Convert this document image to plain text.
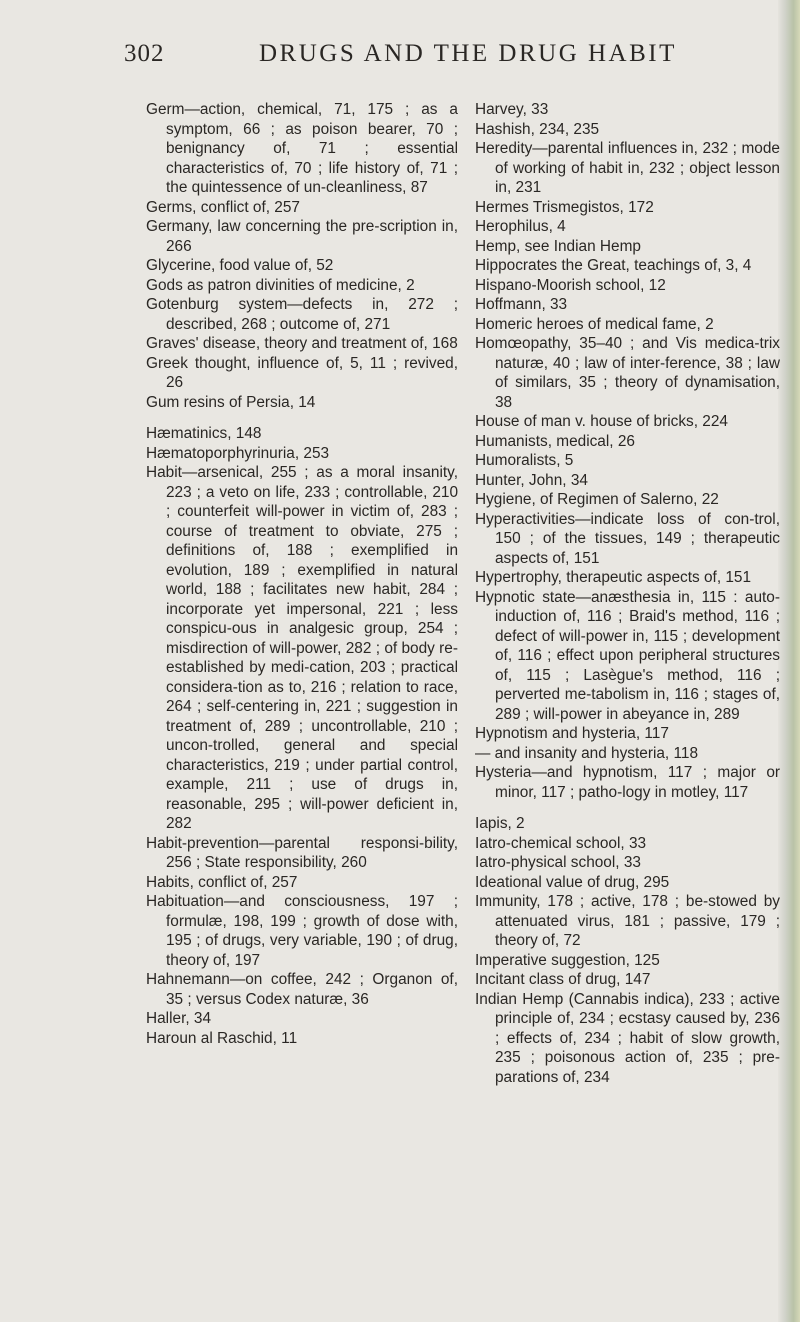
302	DRUGS AND THE DRUG HABIT
Germ—action, chemical, 71, 175 ; as a symptom, 66 ; as poison bearer, 70 ; benignancy of, 71 ; essential characteristics of, 70 ; life history of, 71 ; the quintessence of un-cleanliness, 87
Germs, conflict of, 257
Germany, law concerning the pre-scription in, 266
Glycerine, food value of, 52
Gods as patron divinities of medicine, 2
Gotenburg system—defects in, 272 ; described, 268 ; outcome of, 271
Graves' disease, theory and treatment of, 168
Greek thought, influence of, 5, 11 ; revived, 26
Gum resins of Persia, 14
Hæmatinics, 148
Hæmatoporphyrinuria, 253
Habit—arsenical, 255 ; as a moral insanity, 223 ; a veto on life, 233 ; controllable, 210 ; counterfeit will-power in victim of, 283 ; course of treatment to obviate, 275 ; definitions of, 188 ; exemplified in evolution, 189 ; exemplified in natural world, 188 ; facilitates new habit, 284 ; incorporate yet impersonal, 221 ; less conspicu-ous in analgesic group, 254 ; misdirection of will-power, 282 ; of body re-established by medi-cation, 203 ; practical considera-tion as to, 216 ; relation to race, 264 ; self-centering in, 221 ; suggestion in treatment of, 289 ; uncontrollable, 210 ; uncon-trolled, general and special characteristics, 219 ; under partial control, example, 211 ; use of drugs in, reasonable, 295 ; will-power deficient in, 282
Habit-prevention—parental responsi-bility, 256 ; State responsibility, 260
Habits, conflict of, 257
Habituation—and consciousness, 197 ; formulæ, 198, 199 ; growth of dose with, 195 ; of drugs, very variable, 190 ; of drug, theory of, 197
Hahnemann—on coffee, 242 ; Organon of, 35 ; versus Codex naturæ, 36
Haller, 34
Haroun al Raschid, 11
Harvey, 33
Hashish, 234, 235
Heredity—parental influences in, 232 ; mode of working of habit in, 232 ; object lesson in, 231
Hermes Trismegistos, 172
Herophilus, 4
Hemp, see Indian Hemp
Hippocrates the Great, teachings of, 3, 4
Hispano-Moorish school, 12
Hoffmann, 33
Homeric heroes of medical fame, 2
Homœopathy, 35–40 ; and Vis medica-trix naturæ, 40 ; law of inter-ference, 38 ; law of similars, 35 ; theory of dynamisation, 38
House of man v. house of bricks, 224
Humanists, medical, 26
Humoralists, 5
Hunter, John, 34
Hygiene, of Regimen of Salerno, 22
Hyperactivities—indicate loss of con-trol, 150 ; of the tissues, 149 ; therapeutic aspects of, 151
Hypertrophy, therapeutic aspects of, 151
Hypnotic state—anæsthesia in, 115 : auto-induction of, 116 ; Braid's method, 116 ; defect of will-power in, 115 ; development of, 116 ; effect upon peripheral structures of, 115 ; Lasègue's method, 116 ; perverted me-tabolism in, 116 ; stages of, 289 ; will-power in abeyance in, 289
Hypnotism and hysteria, 117
— and insanity and hysteria, 118
Hysteria—and hypnotism, 117 ; major or minor, 117 ; patho-logy in motley, 117
Iapis, 2
Iatro-chemical school, 33
Iatro-physical school, 33
Ideational value of drug, 295
Immunity, 178 ; active, 178 ; be-stowed by attenuated virus, 181 ; passive, 179 ; theory of, 72
Imperative suggestion, 125
Incitant class of drug, 147
Indian Hemp (Cannabis indica), 233 ; active principle of, 234 ; ecstasy caused by, 236 ; effects of, 234 ; habit of slow growth, 235 ; poisonous action of, 235 ; pre-parations of, 234
